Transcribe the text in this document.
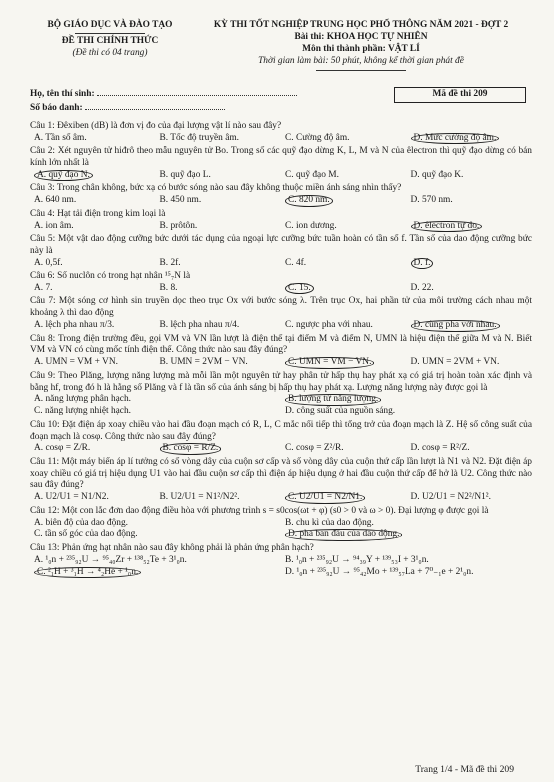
BỘ GIÁO DỤC VÀ ĐÀO TẠO
ĐỀ THI CHÍNH THỨC
(Đề thi có 04 trang)
KỲ THI TỐT NGHIỆP TRUNG HỌC PHỔ THÔNG NĂM 2021 - ĐỢT 2
Bài thi: KHOA HỌC TỰ NHIÊN
Môn thi thành phần: VẬT LÍ
Thời gian làm bài: 50 phút, không kể thời gian phát đề
Họ, tên thí sinh:
Số báo danh:
Mã đề thi 209
Câu 1: Đêxiben (dB) là đơn vị đo của đại lượng vật lí nào sau đây?
A. Tần số âm.	B. Tốc độ truyền âm.	C. Cường độ âm.	D. Mức cường độ âm.
Câu 2: Xét nguyên tử hiđrô theo mẫu nguyên tử Bo. Trong số các quỹ đạo dừng K, L, M và N của êlectron thì quỹ đạo dừng có bán kính lớn nhất là
A. quỹ đạo N.	B. quỹ đạo L.	C. quỹ đạo M.	D. quỹ đạo K.
Câu 3: Trong chân không, bức xạ có bước sóng nào sau đây không thuộc miền ánh sáng nhìn thấy?
A. 640 nm.	B. 450 nm.	C. 820 nm.	D. 570 nm.
Câu 4: Hạt tải điện trong kim loại là
A. ion âm.	B. prôtôn.	C. ion dương.	D. êlectron tự do.
Câu 5: Một vật dao động cưỡng bức dưới tác dụng của ngoại lực cưỡng bức tuần hoàn có tần số f. Tần số của dao động cưỡng bức này là
A. 0,5f.	B. 2f.	C. 4f.	D. f.
Câu 6: Số nuclôn có trong hạt nhân ¹⁵₇N là
A. 7.	B. 8.	C. 15.	D. 22.
Câu 7: Một sóng cơ hình sin truyền dọc theo trục Ox với bước sóng λ. Trên trục Ox, hai phần tử của môi trường cách nhau một khoảng λ thì dao động
A. lệch pha nhau π/3.	B. lệch pha nhau π/4.	C. ngược pha với nhau.	D. cùng pha với nhau.
Câu 8: Trong điện trường đều, gọi VM và VN lần lượt là điện thế tại điểm M và điểm N, UMN là hiệu điện thế giữa M và N. Biết VM và VN có cùng mốc tính điện thế. Công thức nào sau đây đúng?
A. UMN = VM + VN.	B. UMN = 2VM − VN.	C. UMN = VM − VN.	D. UMN = 2VM + VN.
Câu 9: Theo Plăng, lượng năng lượng mà mỗi lần một nguyên tử hay phân tử hấp thụ hay phát xạ có giá trị hoàn toàn xác định và bằng hf, trong đó h là hằng số Plăng và f là tần số của ánh sáng bị hấp thụ hay phát xạ. Lượng năng lượng này được gọi là
A. năng lượng phân hạch.	B. lượng tử năng lượng.
C. năng lượng nhiệt hạch.	D. công suất của nguồn sáng.
Câu 10: Đặt điện áp xoay chiều vào hai đầu đoạn mạch có R, L, C mắc nối tiếp thì tổng trở của đoạn mạch là Z. Hệ số công suất của đoạn mạch là cosφ. Công thức nào sau đây đúng?
A. cosφ = Z/R.	B. cosφ = R/Z.	C. cosφ = Z²/R.	D. cosφ = R²/Z.
Câu 11: Một máy biến áp lí tưởng có số vòng dây của cuộn sơ cấp và số vòng dây của cuộn thứ cấp lần lượt là N1 và N2. Đặt điện áp xoay chiều có giá trị hiệu dụng U1 vào hai đầu cuộn sơ cấp thì điện áp hiệu dụng ở hai đầu cuộn thứ cấp để hở là U2. Công thức nào sau đây đúng?
A. U2/U1 = N1/N2.	B. U2/U1 = N1²/N2².	C. U2/U1 = N2/N1.	D. U2/U1 = N2²/N1².
Câu 12: Một con lắc đơn dao động điều hòa với phương trình s = s0cos(ωt + φ) (s0 > 0 và ω > 0). Đại lượng φ được gọi là
A. biên độ của dao động.	B. chu kì của dao động.
C. tần số góc của dao động.	D. pha ban đầu của dao động.
Câu 13: Phản ứng hạt nhân nào sau đây không phải là phản ứng phân hạch?
A. ¹₀n + ²³⁵₉₂U → ⁹⁵₄₀Zr + ¹³⁸₅₂Te + 3¹₀n.	B. ¹₀n + ²³⁵₉₂U → ⁹⁴₃₉Y + ¹³⁹₅₃I + 3¹₀n.
C. ²₁H + ³₁H → ⁴₂He + ¹₀n.	D. ¹₀n + ²³⁵₉₂U → ⁹⁵₄₂Mo + ¹³⁹₅₇La + 7⁰₋₁e + 2¹₀n.
Trang 1/4 - Mã đề thi 209
